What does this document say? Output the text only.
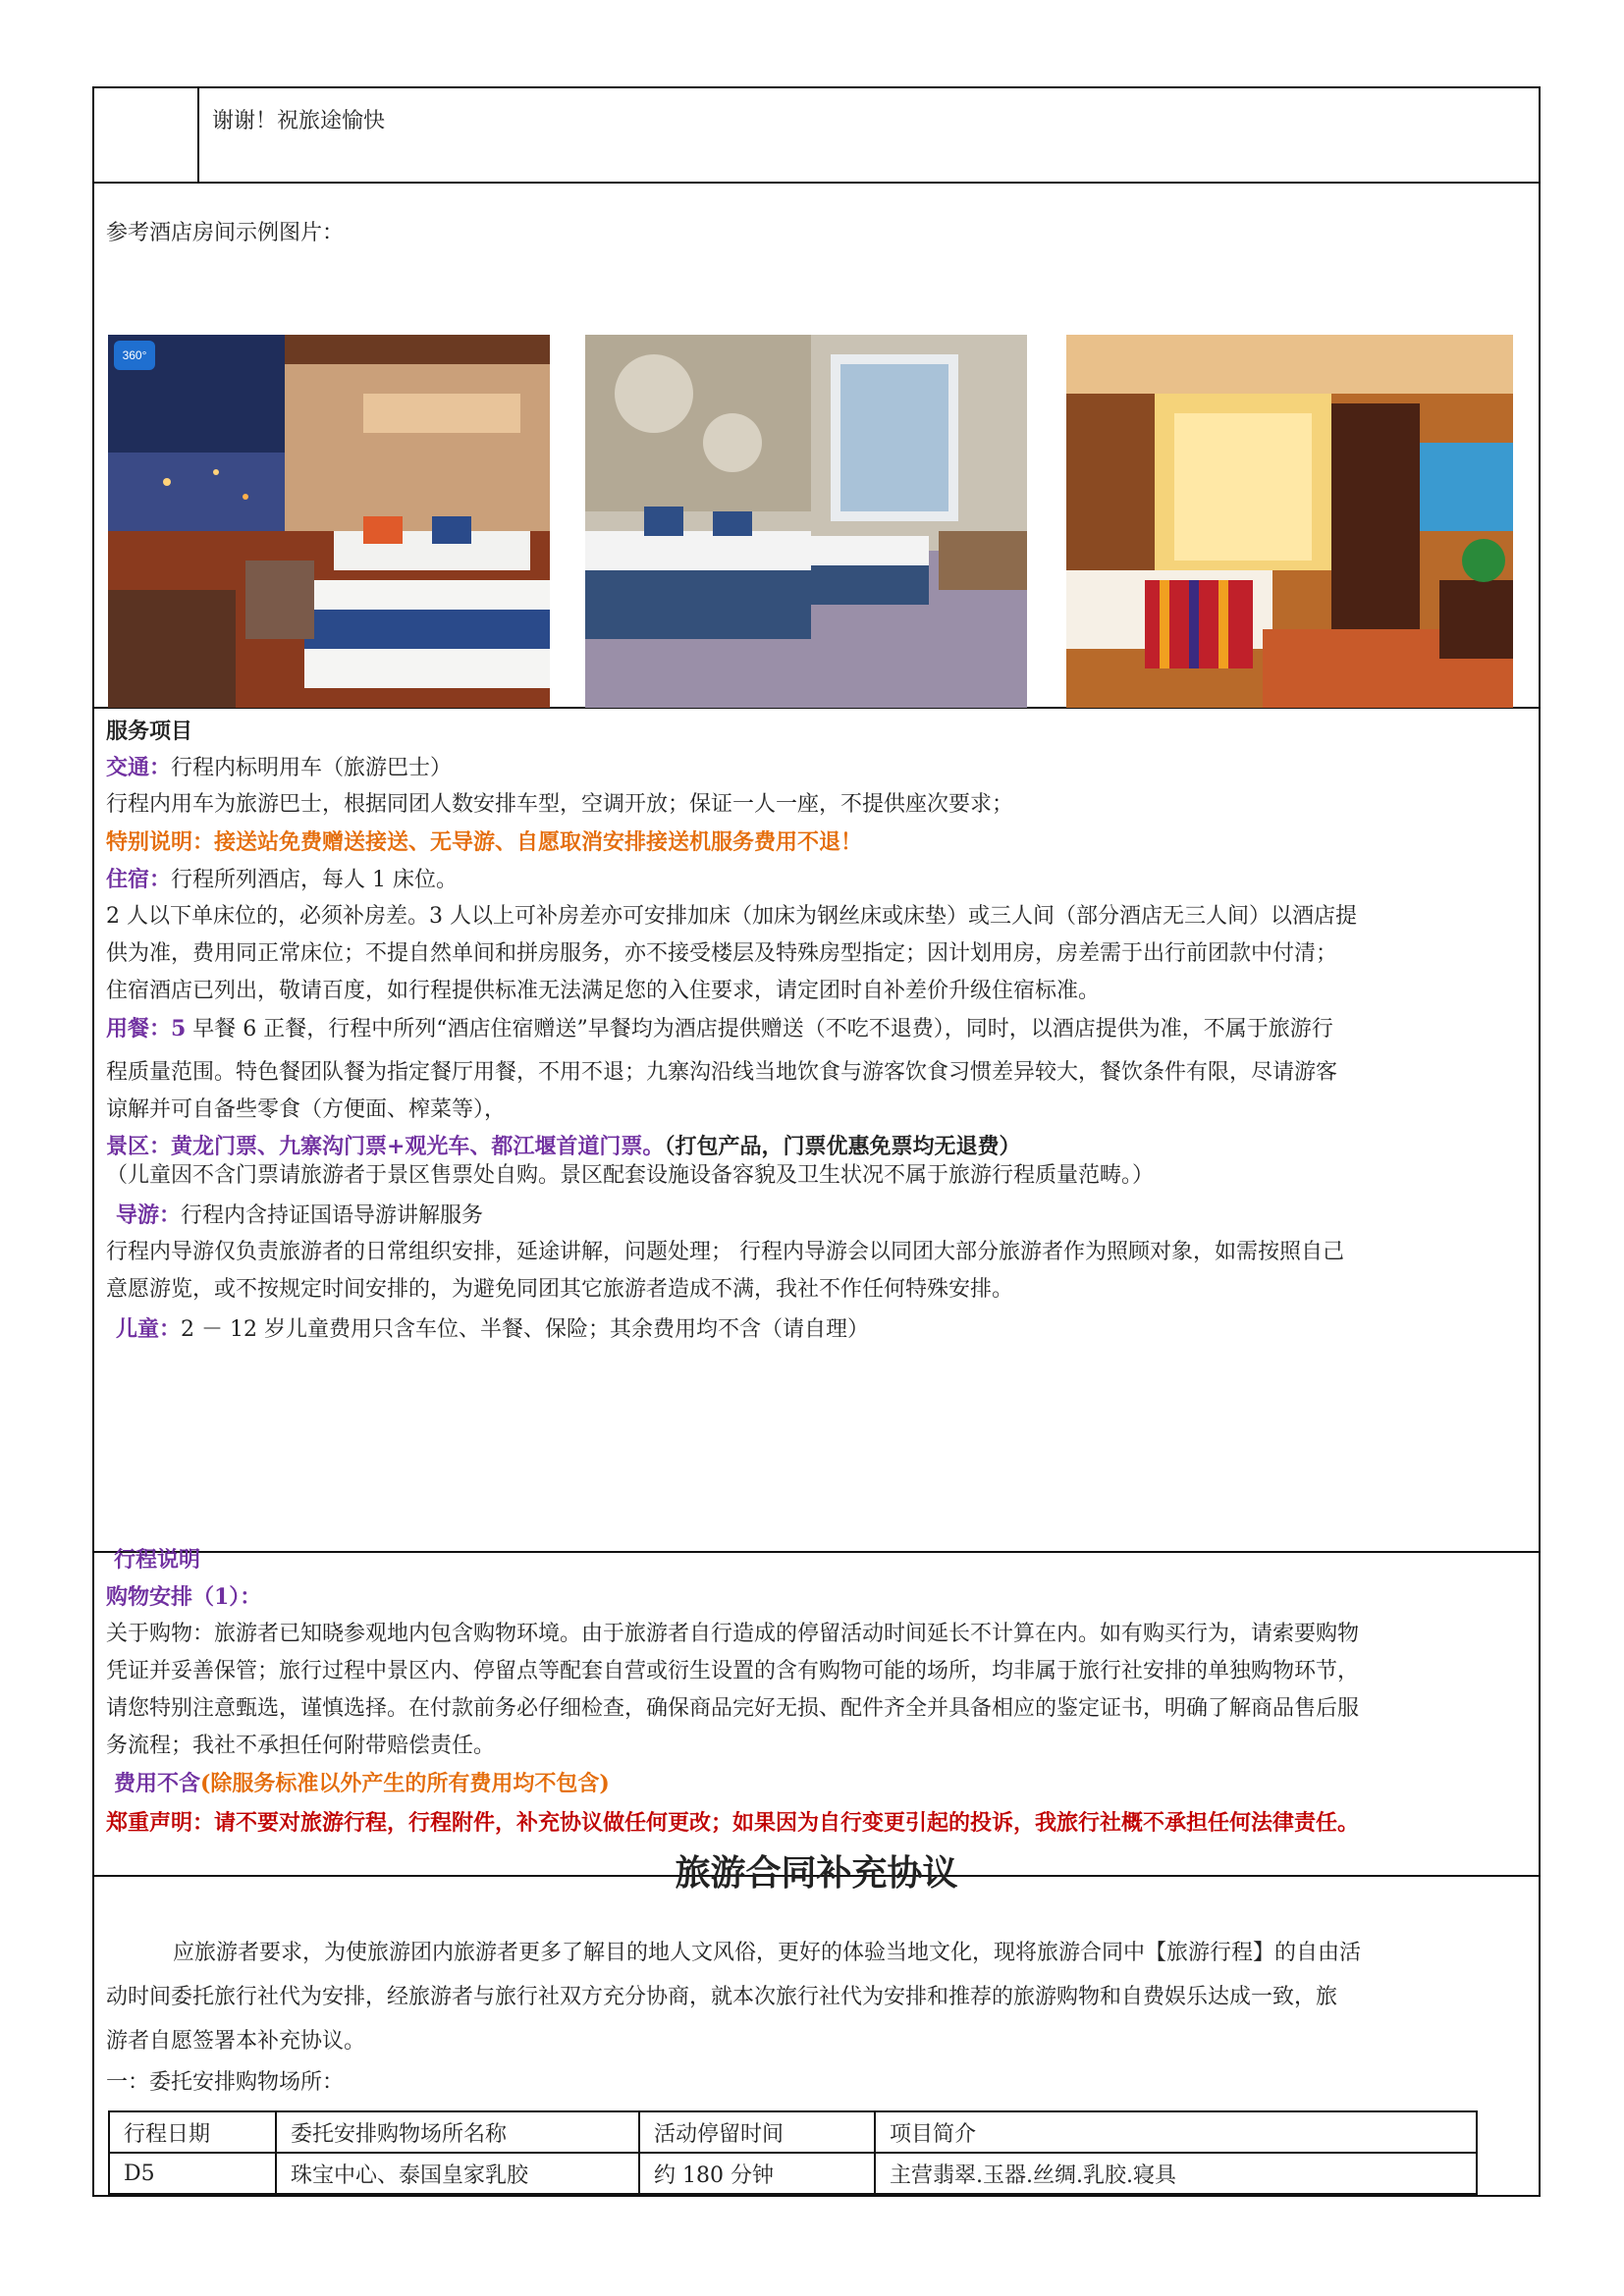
谢谢！祝旅途愉快
参考酒店房间示例图片：
360°
服务项目
交通：行程内标明用车（旅游巴士）
行程内用车为旅游巴士，根据同团人数安排车型，空调开放；保证一人一座，不提供座次要求；
特别说明：接送站免费赠送接送、无导游、自愿取消安排接送机服务费用不退！
住宿：行程所列酒店，每人 1 床位。
2 人以下单床位的，必须补房差。3 人以上可补房差亦可安排加床（加床为钢丝床或床垫）或三人间（部分酒店无三人间）以酒店提
供为准，费用同正常床位；不提自然单间和拼房服务，亦不接受楼层及特殊房型指定；因计划用房，房差需于出行前团款中付清；
住宿酒店已列出，敬请百度，如行程提供标准无法满足您的入住要求，请定团时自补差价升级住宿标准。
用餐：5 早餐 6 正餐，行程中所列“酒店住宿赠送”早餐均为酒店提供赠送（不吃不退费），同时，以酒店提供为准，不属于旅游行
程质量范围。特色餐团队餐为指定餐厅用餐，不用不退；九寨沟沿线当地饮食与游客饮食习惯差异较大，餐饮条件有限，尽请游客
谅解并可自备些零食（方便面、榨菜等），
景区：黄龙门票、九寨沟门票+观光车、都江堰首道门票。（打包产品，门票优惠免票均无退费）
（儿童因不含门票请旅游者于景区售票处自购。景区配套设施设备容貌及卫生状况不属于旅游行程质量范畴。）
导游：行程内含持证国语导游讲解服务
行程内导游仅负责旅游者的日常组织安排，延途讲解，问题处理； 行程内导游会以同团大部分旅游者作为照顾对象，如需按照自己
意愿游览，或不按规定时间安排的，为避免同团其它旅游者造成不满，我社不作任何特殊安排。
儿童：2 － 12 岁儿童费用只含车位、半餐、保险；其余费用均不含（请自理）
行程说明
购物安排（1）：
关于购物：旅游者已知晓参观地内包含购物环境。由于旅游者自行造成的停留活动时间延长不计算在内。如有购买行为，请索要购物
凭证并妥善保管；旅行过程中景区内、停留点等配套自营或衍生设置的含有购物可能的场所，均非属于旅行社安排的单独购物环节，
请您特别注意甄选，谨慎选择。在付款前务必仔细检查，确保商品完好无损、配件齐全并具备相应的鉴定证书，明确了解商品售后服
务流程；我社不承担任何附带赔偿责任。
费用不含(除服务标准以外产生的所有费用均不包含)
郑重声明：请不要对旅游行程，行程附件，补充协议做任何更改；如果因为自行变更引起的投诉，我旅行社概不承担任何法律责任。
旅游合同补充协议
应旅游者要求，为使旅游团内旅游者更多了解目的地人文风俗，更好的体验当地文化，现将旅游合同中【旅游行程】的自由活
动时间委托旅行社代为安排，经旅游者与旅行社双方充分协商，就本次旅行社代为安排和推荐的旅游购物和自费娱乐达成一致，旅
游者自愿签署本补充协议。
一：委托安排购物场所：
行程日期	委托安排购物场所名称	活动停留时间	项目简介
D5	珠宝中心、泰国皇家乳胶	约 180 分钟	主营翡翠.玉器.丝绸.乳胶.寝具
